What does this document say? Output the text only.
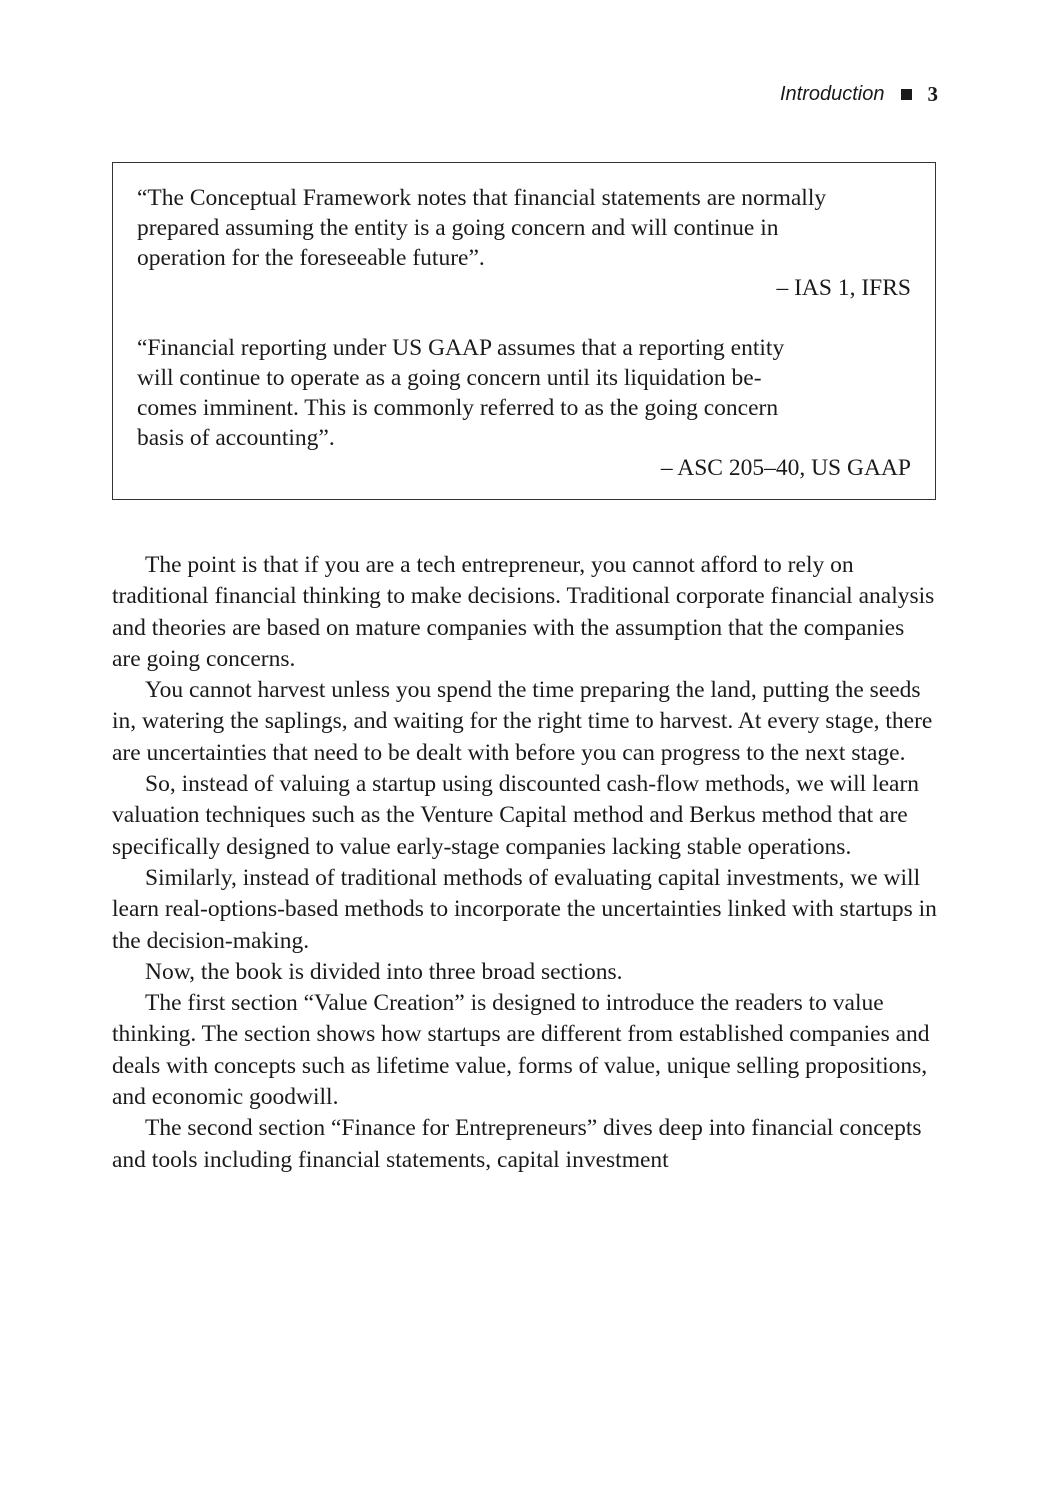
Introduction 3

“The Conceptual Framework notes that financial statements are normally

prepared assuming the entity is a going concern and will continue in

operation for the foreseeable future”.

– IAS 1, IFRS

“Financial reporting under US GAAP assumes that a reporting entity

will continue to operate as a going concern until its liquidation be-

comes imminent. This is commonly referred to as the going concern

basis of accounting”.

– ASC 205–40, US GAAP

The point is that if you are a tech entrepreneur, you cannot afford to rely on traditional financial thinking to make decisions. Traditional corporate financial analysis and theories are based on mature companies with the assumption that the companies are going concerns.

You cannot harvest unless you spend the time preparing the land, putting the seeds in, watering the saplings, and waiting for the right time to harvest. At every stage, there are uncertainties that need to be dealt with before you can progress to the next stage.

So, instead of valuing a startup using discounted cash-flow methods, we will learn valuation techniques such as the Venture Capital method and Berkus method that are specifically designed to value early-stage companies lacking stable operations.

Similarly, instead of traditional methods of evaluating capital investments, we will learn real-options-based methods to incorporate the uncertainties linked with startups in the decision-making.

Now, the book is divided into three broad sections.

The first section “Value Creation” is designed to introduce the readers to value thinking. The section shows how startups are different from established companies and deals with concepts such as lifetime value, forms of value, unique selling propositions, and economic goodwill.

The second section “Finance for Entrepreneurs” dives deep into financial concepts and tools including financial statements, capital investment
